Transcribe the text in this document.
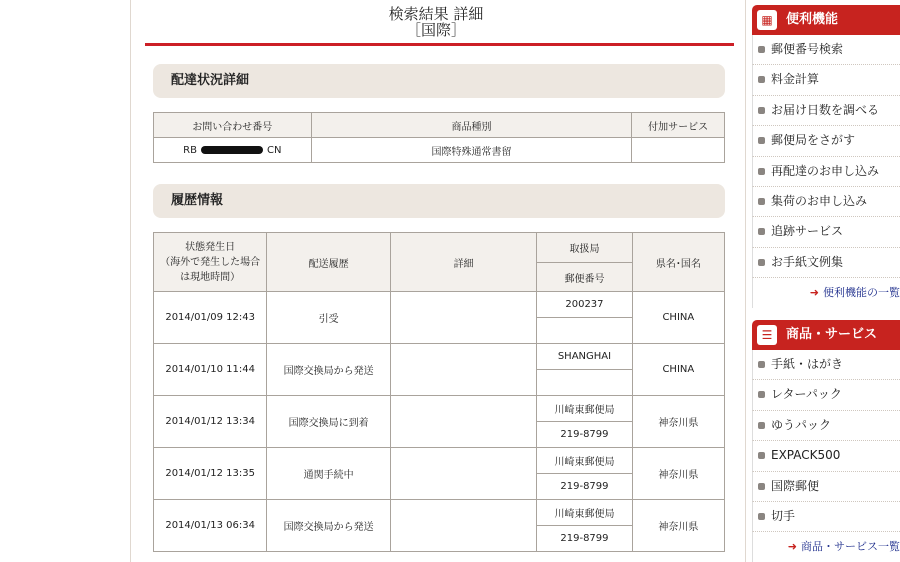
検索結果 詳細
［国際］
配達状況詳細
お問い合わせ番号	商品種別	付加サービス
RB CN	国際特殊通常書留	
履歴情報
状態発生日
（海外で発生した場合は現地時間）	配送履歴	詳細	取扱局	県名･国名
			郵便番号	
2014/01/09 12:43	引受		200237	CHINA

2014/01/10 11:44	国際交換局から発送		SHANGHAI	CHINA

2014/01/12 13:34	国際交換局に到着		川崎東郵便局	神奈川県
			219-8799	
2014/01/12 13:35	通関手続中		川崎東郵便局	神奈川県
			219-8799	
2014/01/13 06:34	国際交換局から発送		川崎東郵便局	神奈川県
			219-8799	
▦	便利機能
郵便番号検索
料金計算
お届け日数を調べる
郵便局をさがす
再配達のお申し込み
集荷のお申し込み
追跡サービス
お手紙文例集
➜ 便利機能の一覧
☰	商品・サービス
手紙・はがき
レターパック
ゆうパック
EXPACK500
国際郵便
切手
➜ 商品・サービス一覧
